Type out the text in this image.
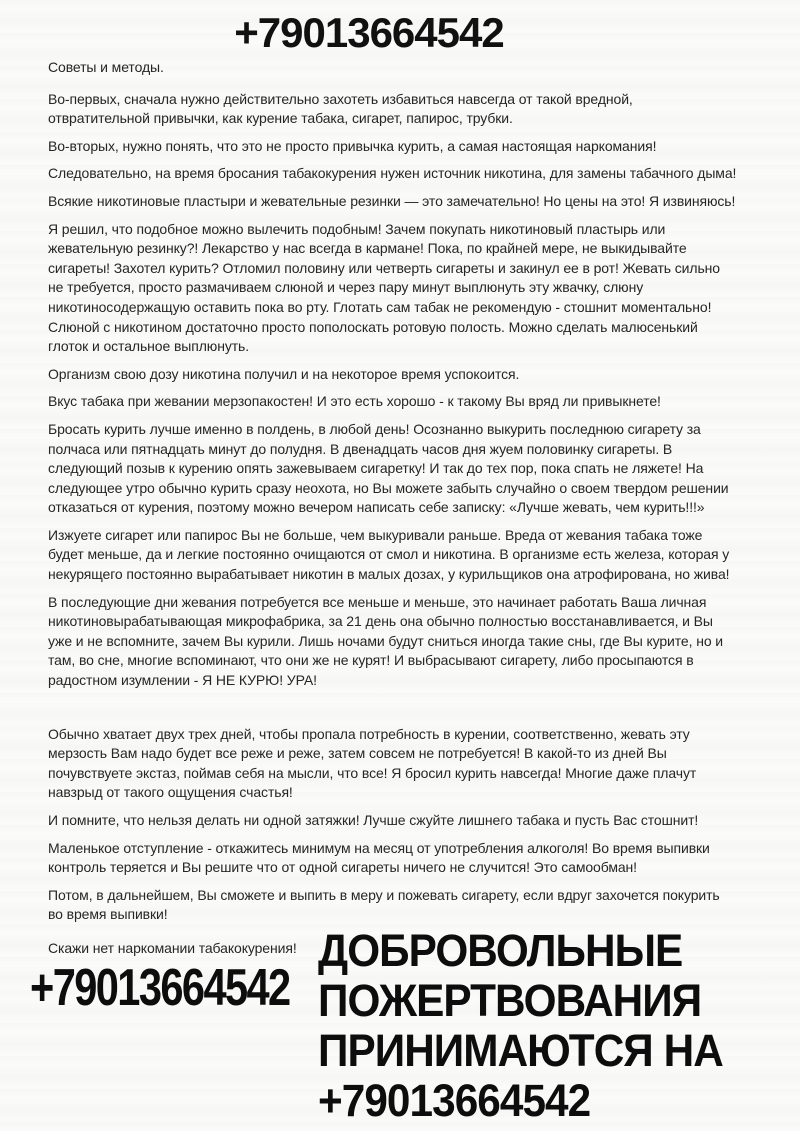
+79013664542

Советы и методы.

Во-первых, сначала нужно действительно захотеть избавиться навсегда от такой вредной, отвратительной привычки, как курение табака, сигарет, папирос, трубки.

Во-вторых, нужно понять, что это не просто привычка курить, а самая настоящая наркомания!

Следовательно, на время бросания табакокурения нужен источник никотина, для замены табачного дыма!

Всякие никотиновые пластыри и жевательные резинки — это замечательно! Но цены на это! Я извиняюсь!

Я решил, что подобное можно вылечить подобным! Зачем покупать никотиновый пластырь или жевательную резинку?! Лекарство у нас всегда в кармане! Пока, по крайней мере, не выкидывайте сигареты! Захотел курить? Отломил половину или четверть сигареты и закинул ее в рот! Жевать сильно не требуется, просто размачиваем слюной и через пару минут выплюнуть эту жвачку, слюну никотиносодержащую оставить пока во рту. Глотать сам табак не рекомендую - стошнит моментально! Слюной с никотином достаточно просто пополоскать ротовую полость. Можно сделать малюсенький глоток и остальное выплюнуть.

Организм свою дозу никотина получил и на некоторое время успокоится.

Вкус табака при жевании мерзопакостен! И это есть хорошо - к такому Вы вряд ли привыкнете!

Бросать курить лучше именно в полдень, в любой день! Осознанно выкурить последнюю сигарету за полчаса или пятнадцать минут до полудня. В двенадцать часов дня жуем половинку сигареты. В следующий позыв к курению опять зажевываем сигаретку! И так до тех пор, пока спать не ляжете! На следующее утро обычно курить сразу неохота, но Вы можете забыть случайно о своем твердом решении отказаться от курения, поэтому можно вечером написать себе записку: «Лучше жевать, чем курить!!!»

Изжуете сигарет или папирос Вы не больше, чем выкуривали раньше. Вреда от жевания табака тоже будет меньше, да и легкие постоянно очищаются от смол и никотина. В организме есть железа, которая у некурящего постоянно вырабатывает никотин в малых дозах, у курильщиков она атрофирована, но жива!

В последующие дни жевания потребуется все меньше и меньше, это начинает работать Ваша личная никотиновырабатывающая микрофабрика, за 21 день она обычно полностью восстанавливается, и Вы уже и не вспомните, зачем Вы курили. Лишь ночами будут сниться иногда такие сны, где Вы курите, но и там, во сне, многие вспоминают, что они же не курят! И выбрасывают сигарету, либо просыпаются в радостном изумлении - Я НЕ КУРЮ! УРА!

Обычно хватает двух трех дней, чтобы пропала потребность в курении, соответственно, жевать эту мерзость Вам надо будет все реже и реже, затем совсем не потребуется! В какой-то из дней Вы почувствуете экстаз, поймав себя на мысли, что все! Я бросил курить навсегда! Многие даже плачут навзрыд от такого ощущения счастья!

И помните, что нельзя делать ни одной затяжки! Лучше сжуйте лишнего табака и пусть Вас стошнит!

Маленькое отступление - откажитесь минимум на месяц от употребления алкоголя! Во время выпивки контроль теряется и Вы решите что от одной сигареты ничего не случится! Это самообман!

Потом, в дальнейшем, Вы сможете и выпить в меру и пожевать сигарету, если вдруг захочется покурить во время выпивки!

Скажи нет наркомании табакокурения!
+79013664542
ДОБРОВОЛЬНЫЕ
ПОЖЕРТВОВАНИЯ
ПРИНИМАЮТСЯ НА
+79013664542
